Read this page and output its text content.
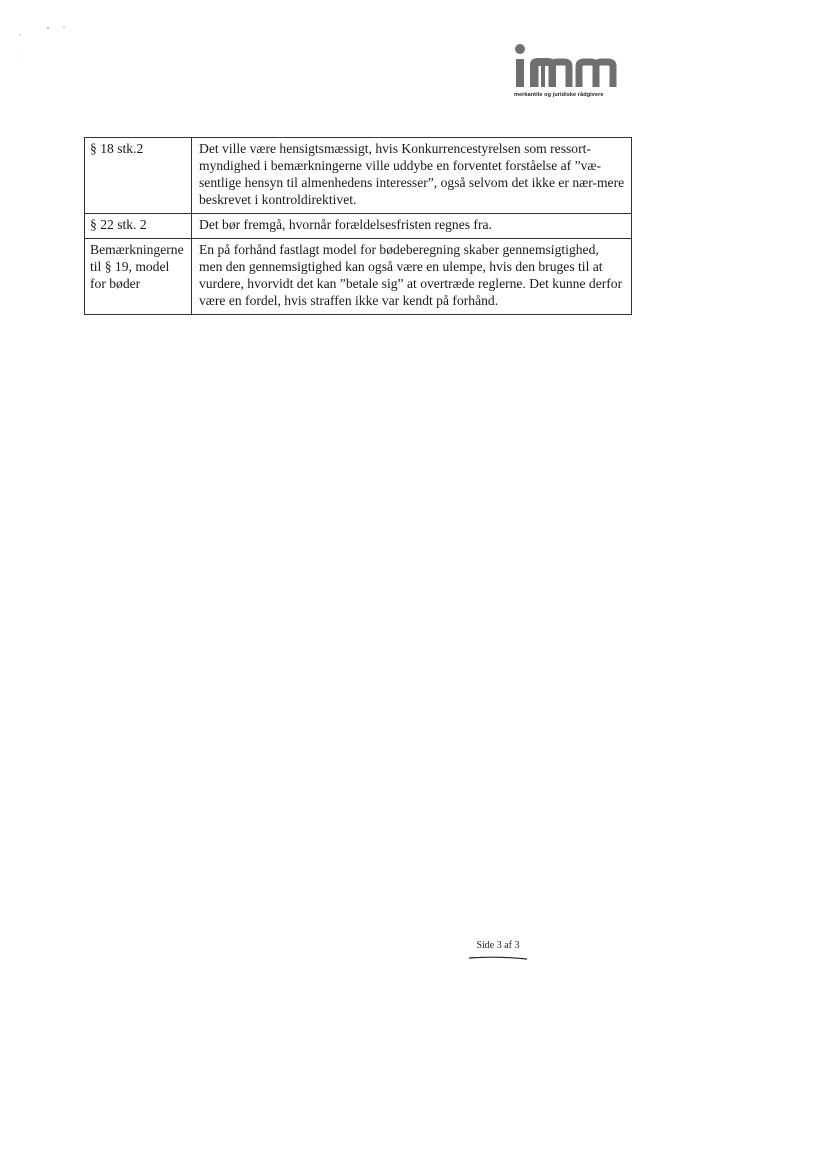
merkantile og juridiske rådgivere
§ 18 stk.2	Det ville være hensigtsmæssigt, hvis Konkurrencestyrelsen som ressort-myndighed i bemærkningerne ville uddybe en forventet forståelse af ”væ-sentlige hensyn til almenhedens interesser”, også selvom det ikke er nær-mere beskrevet i kontroldirektivet.
§ 22 stk. 2	Det bør fremgå, hvornår forældelsesfristen regnes fra.
Bemærkningerne til § 19, model for bøder	En på forhånd fastlagt model for bødeberegning skaber gennemsigtighed, men den gennemsigtighed kan også være en ulempe, hvis den bruges til at vurdere, hvorvidt det kan ”betale sig” at overtræde reglerne. Det kunne derfor være en fordel, hvis straffen ikke var kendt på forhånd.
Side 3 af 3
